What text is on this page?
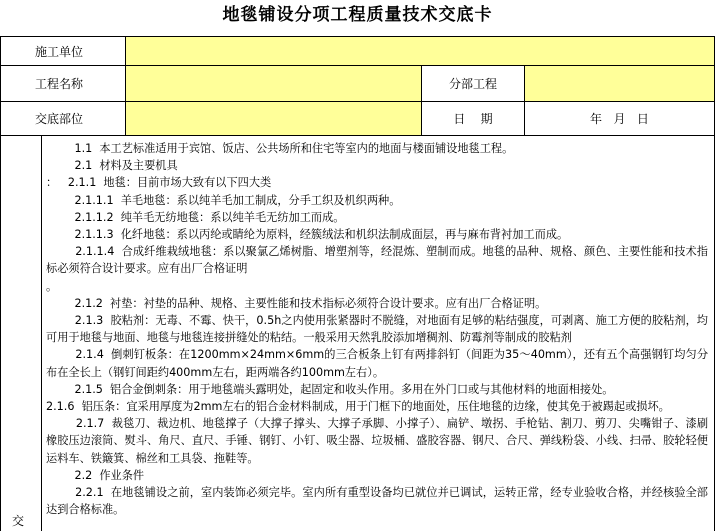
地毯铺设分项工程质量技术交底卡
施工单位
工程名称	分部工程
交底部位	日    期	年   月   日
交

1.1  本工艺标准适用于宾馆、饭店、公共场所和住宅等室内的地面与楼面铺设地毯工程。

2.1  材料及主要机具

：   2.1.1  地毯：目前市场大致有以下四大类

2.1.1.1  羊毛地毯：系以纯羊毛加工制成，分手工织及机织两种。

2.1.1.2  纯羊毛无纺地毯：系以纯羊毛无纺加工而成。

2.1.1.3  化纤地毯：系以丙纶或睛纶为原料，经簇绒法和机织法制成面层，再与麻布背衬加工而成。

2.1.1.4  合成纤维栽绒地毯：系以聚氯乙烯树脂、增塑剂等，经混炼、塑制而成。地毯的品种、规格、颜色、主要性能和技术指标必须符合设计要求。应有出厂合格证明

。

2.1.2  衬垫：衬垫的品种、规格、主要性能和技术指标必须符合设计要求。应有出厂合格证明。

2.1.3  胶粘剂：无毒、不霉、快干，0.5h之内使用张紧器时不脱缝，对地面有足够的粘结强度，可剥离、施工方便的胶粘剂，均可用于地毯与地面、地毯与地毯连接拼缝处的粘结。一般采用天然乳胶添加增稠剂、防霉剂等制成的胶粘剂

2.1.4  倒刺钉板条：在1200mm×24mm×6mm的三合板条上钉有两排斜钉（间距为35～40mm），还有五个高强钢钉均匀分布在全长上（钢钉间距约400mm左右，距两端各约100mm左右）。

2.1.5  铝合金倒刺条：用于地毯端头露明处，起固定和收头作用。多用在外门口或与其他材料的地面相接处。

2.1.6  铝压条：宜采用厚度为2mm左右的铝合金材料制成，用于门框下的地面处，压住地毯的边缘，使其免于被踢起或损坏。

2.1.7  裁毯刀、裁边机、地毯撑子（大撑子撑头、大撑子承脚、小撑子）、扁铲、墩拐、手枪钻、割刀、剪刀、尖嘴钳子、漆刷橡胶压边滚筒、熨斗、角尺、直尺、手锤、钢钉、小钉、吸尘器、垃圾桶、盛胶容器、钢尺、合尺、弹线粉袋、小线、扫帚、胶轮轻便运料车、铁簸箕、棉丝和工具袋、拖鞋等。

2.2  作业条件

2.2.1  在地毯铺设之前，室内装饰必须完毕。室内所有重型设备均已就位并已调试，运转正常，经专业验收合格，并经核验全部达到合格标准。
